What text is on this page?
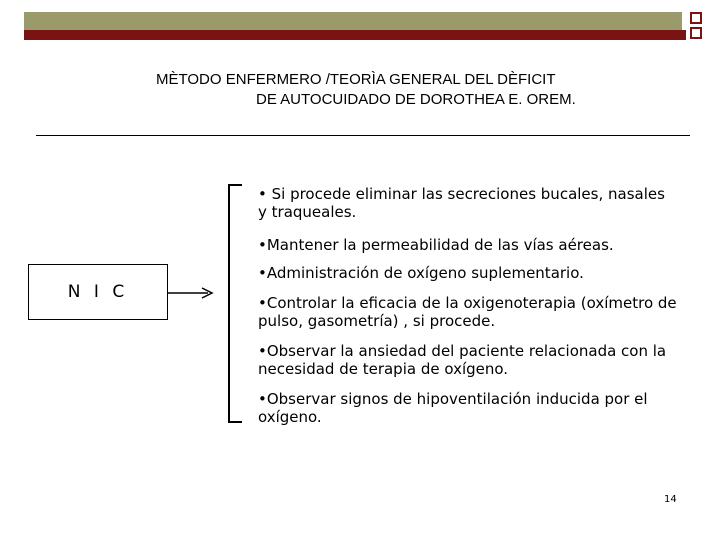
MÈTODO ENFERMERO /TEORÌA GENERAL DEL DÈFICIT
DE AUTOCUIDADO DE DOROTHEA E. OREM.
N I C
• Si procede eliminar las secreciones bucales, nasales y traqueales.
•Mantener la permeabilidad de las vías aéreas.
•Administración de oxígeno suplementario.
•Controlar la eficacia de la oxigenoterapia (oxímetro de pulso, gasometría) , si procede.
•Observar la ansiedad del paciente relacionada con la necesidad de terapia de oxígeno.
•Observar signos de hipoventilación inducida por el oxígeno.
14
